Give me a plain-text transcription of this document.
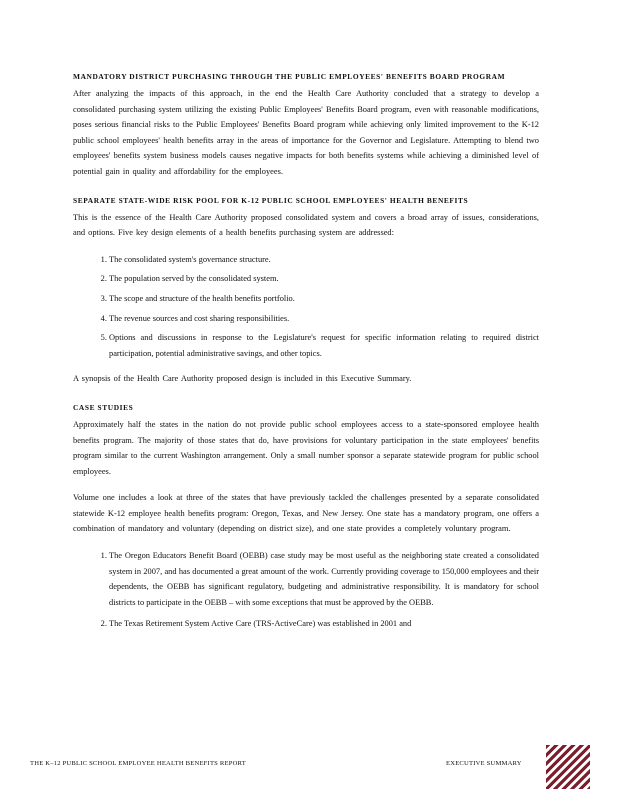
MANDATORY DISTRICT PURCHASING THROUGH THE PUBLIC EMPLOYEES' BENEFITS BOARD PROGRAM

After analyzing the impacts of this approach, in the end the Health Care Authority concluded that a strategy to develop a consolidated purchasing system utilizing the existing Public Employees' Benefits Board program, even with reasonable modifications, poses serious financial risks to the Public Employees' Benefits Board program while achieving only limited improvement to the K-12 public school employees' health benefits array in the areas of importance for the Governor and Legislature. Attempting to blend two employees' benefits system business models causes negative impacts for both benefits systems while achieving a diminished level of potential gain in quality and affordability for the employees.

SEPARATE STATE-WIDE RISK POOL FOR K-12 PUBLIC SCHOOL EMPLOYEES' HEALTH BENEFITS

This is the essence of the Health Care Authority proposed consolidated system and covers a broad array of issues, considerations, and options. Five key design elements of a health benefits purchasing system are addressed:

1. The consolidated system's governance structure.
2. The population served by the consolidated system.
3. The scope and structure of the health benefits portfolio.
4. The revenue sources and cost sharing responsibilities.
5. Options and discussions in response to the Legislature's request for specific information relating to required district participation, potential administrative savings, and other topics.

A synopsis of the Health Care Authority proposed design is included in this Executive Summary.

CASE STUDIES

Approximately half the states in the nation do not provide public school employees access to a state-sponsored employee health benefits program. The majority of those states that do, have provisions for voluntary participation in the state employees' benefits program similar to the current Washington arrangement. Only a small number sponsor a separate statewide program for public school employees.

Volume one includes a look at three of the states that have previously tackled the challenges presented by a separate consolidated statewide K-12 employee health benefits program: Oregon, Texas, and New Jersey. One state has a mandatory program, one offers a combination of mandatory and voluntary (depending on district size), and one state provides a completely voluntary program.

1. The Oregon Educators Benefit Board (OEBB) case study may be most useful as the neighboring state created a consolidated system in 2007, and has documented a great amount of the work. Currently providing coverage to 150,000 employees and their dependents, the OEBB has significant regulatory, budgeting and administrative responsibility. It is mandatory for school districts to participate in the OEBB – with some exceptions that must be approved by the OEBB.
2. The Texas Retirement System Active Care (TRS-ActiveCare) was established in 2001 and
THE K–12 PUBLIC SCHOOL EMPLOYEE HEALTH BENEFITS REPORT	EXECUTIVE SUMMARY
